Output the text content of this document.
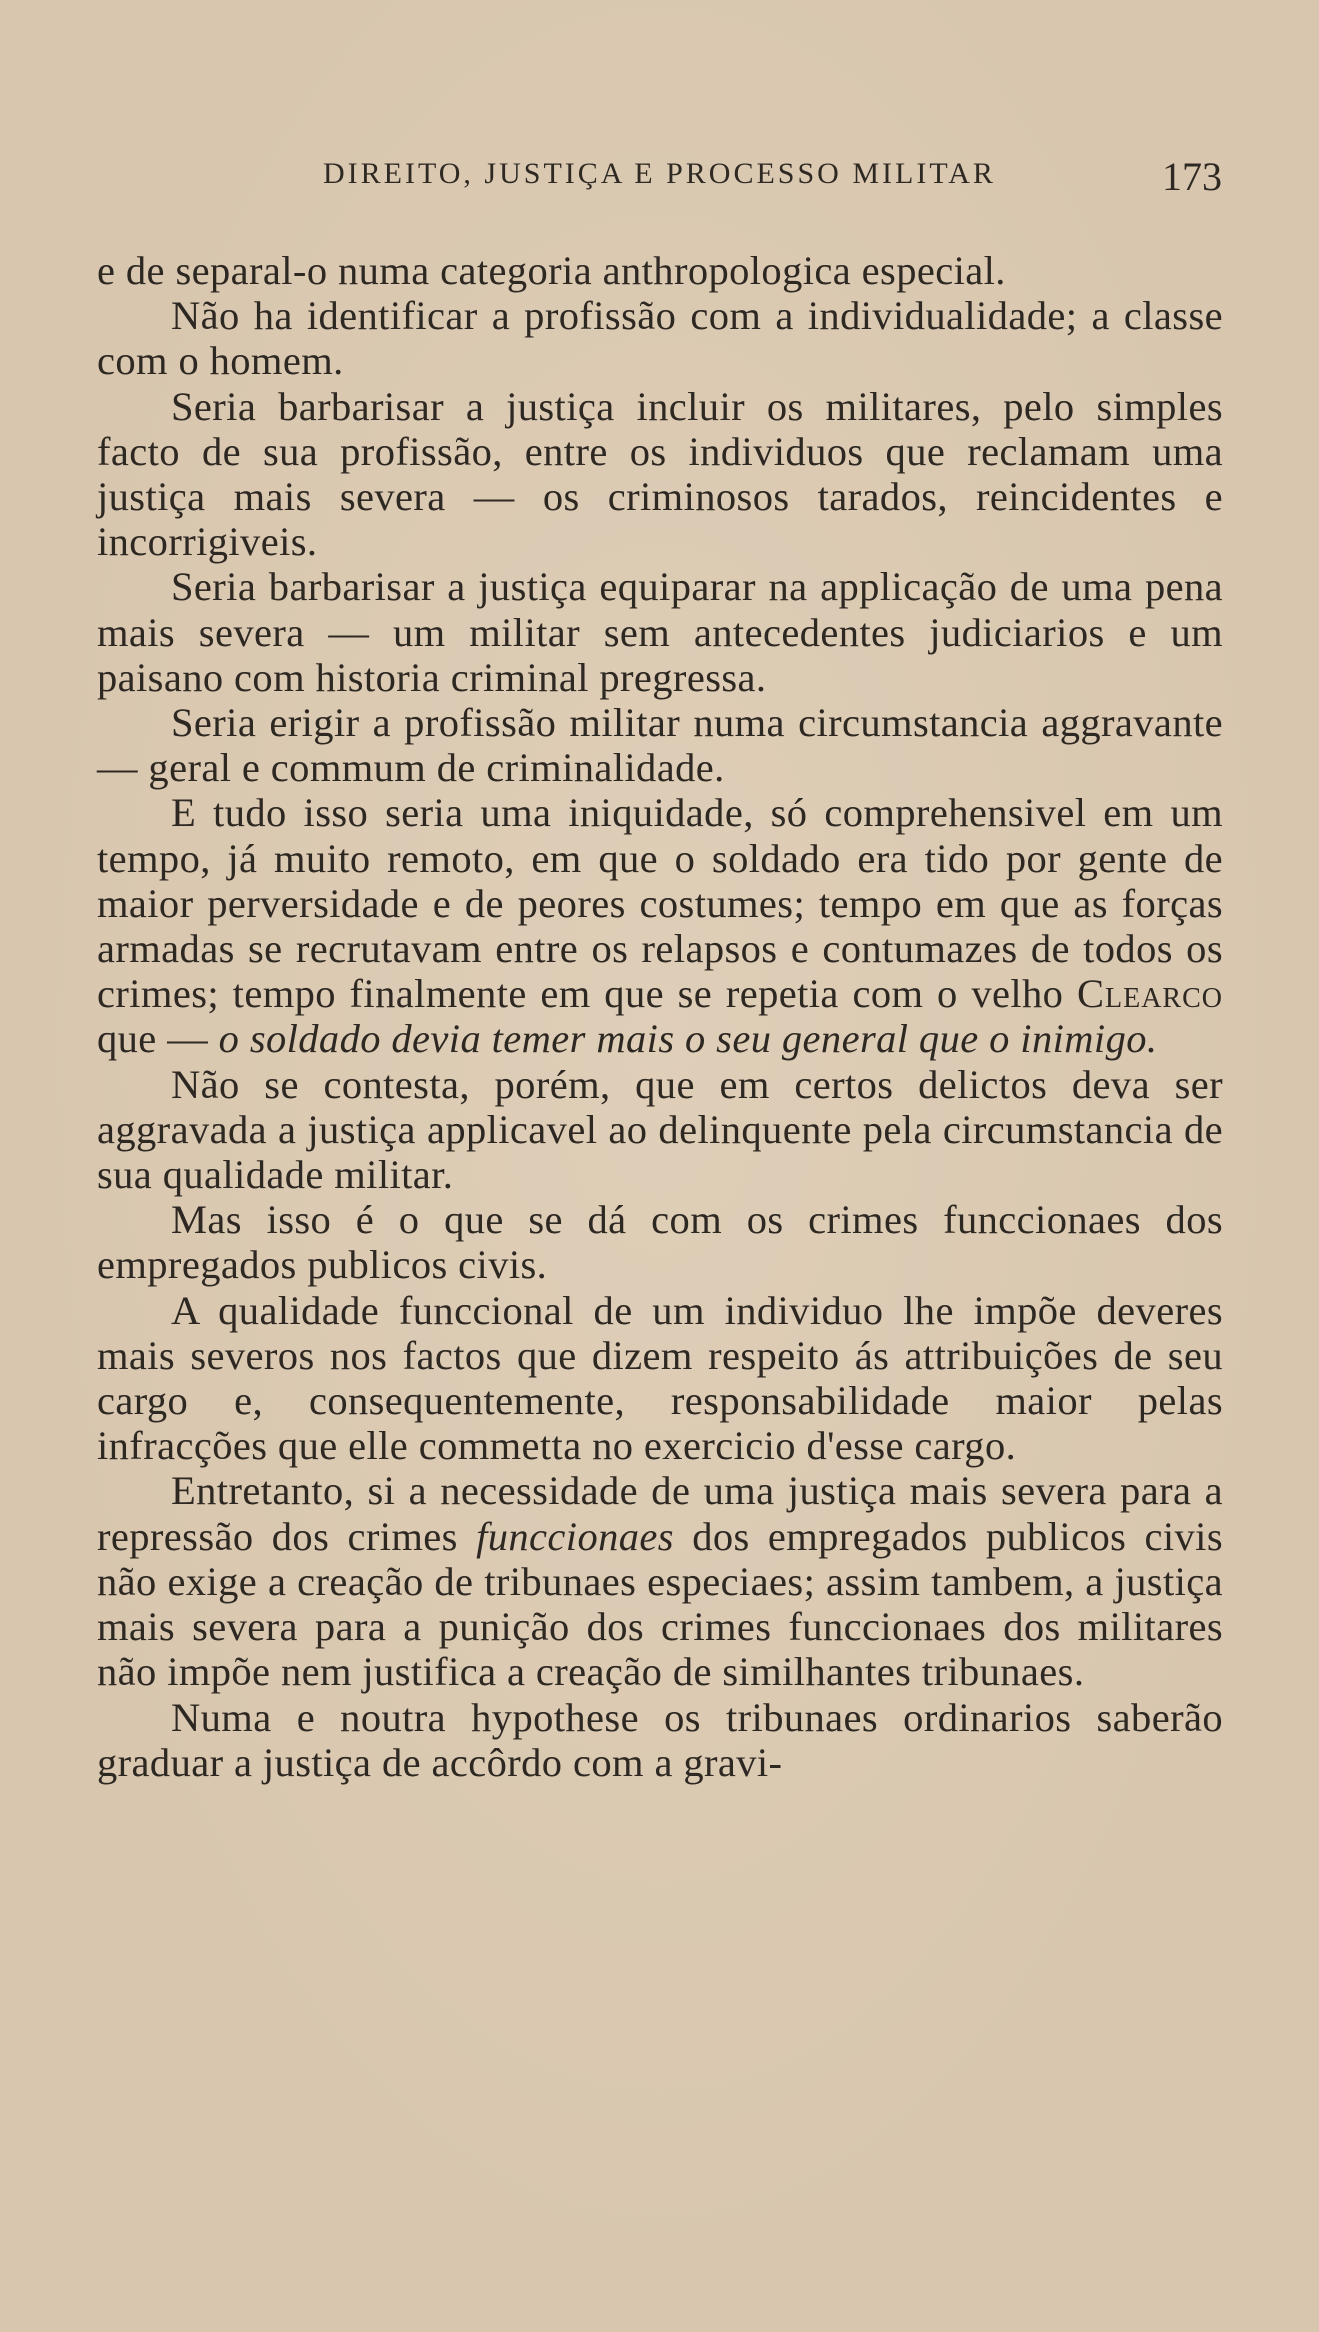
DIREITO, JUSTIÇA E PROCESSO MILITAR	173

e de separal-o numa categoria anthropologica especial.

Não ha identificar a profissão com a individualidade; a classe com o homem.

Seria barbarisar a justiça incluir os militares, pelo simples facto de sua profissão, entre os individuos que reclamam uma justiça mais severa — os criminosos tarados, reincidentes e incorrigiveis.

Seria barbarisar a justiça equiparar na applicação de uma pena mais severa — um militar sem antecedentes judiciarios e um paisano com historia criminal pregressa.

Seria erigir a profissão militar numa circumstancia aggravante — geral e commum de criminalidade.

E tudo isso seria uma iniquidade, só comprehensivel em um tempo, já muito remoto, em que o soldado era tido por gente de maior perversidade e de peores costumes; tempo em que as forças armadas se recrutavam entre os relapsos e contumazes de todos os crimes; tempo finalmente em que se repetia com o velho Clearco que — o soldado devia temer mais o seu general que o inimigo.

Não se contesta, porém, que em certos delictos deva ser aggravada a justiça applicavel ao delinquente pela circumstancia de sua qualidade militar.

Mas isso é o que se dá com os crimes funccionaes dos empregados publicos civis.

A qualidade funccional de um individuo lhe impõe deveres mais severos nos factos que dizem respeito ás attribuições de seu cargo e, consequentemente, responsabilidade maior pelas infracções que elle commetta no exercicio d'esse cargo.

Entretanto, si a necessidade de uma justiça mais severa para a repressão dos crimes funccionaes dos empregados publicos civis não exige a creação de tribunaes especiaes; assim tambem, a justiça mais severa para a punição dos crimes funccionaes dos militares não impõe nem justifica a creação de similhantes tribunaes.

Numa e noutra hypothese os tribunaes ordinarios saberão graduar a justiça de accôrdo com a gravi-
